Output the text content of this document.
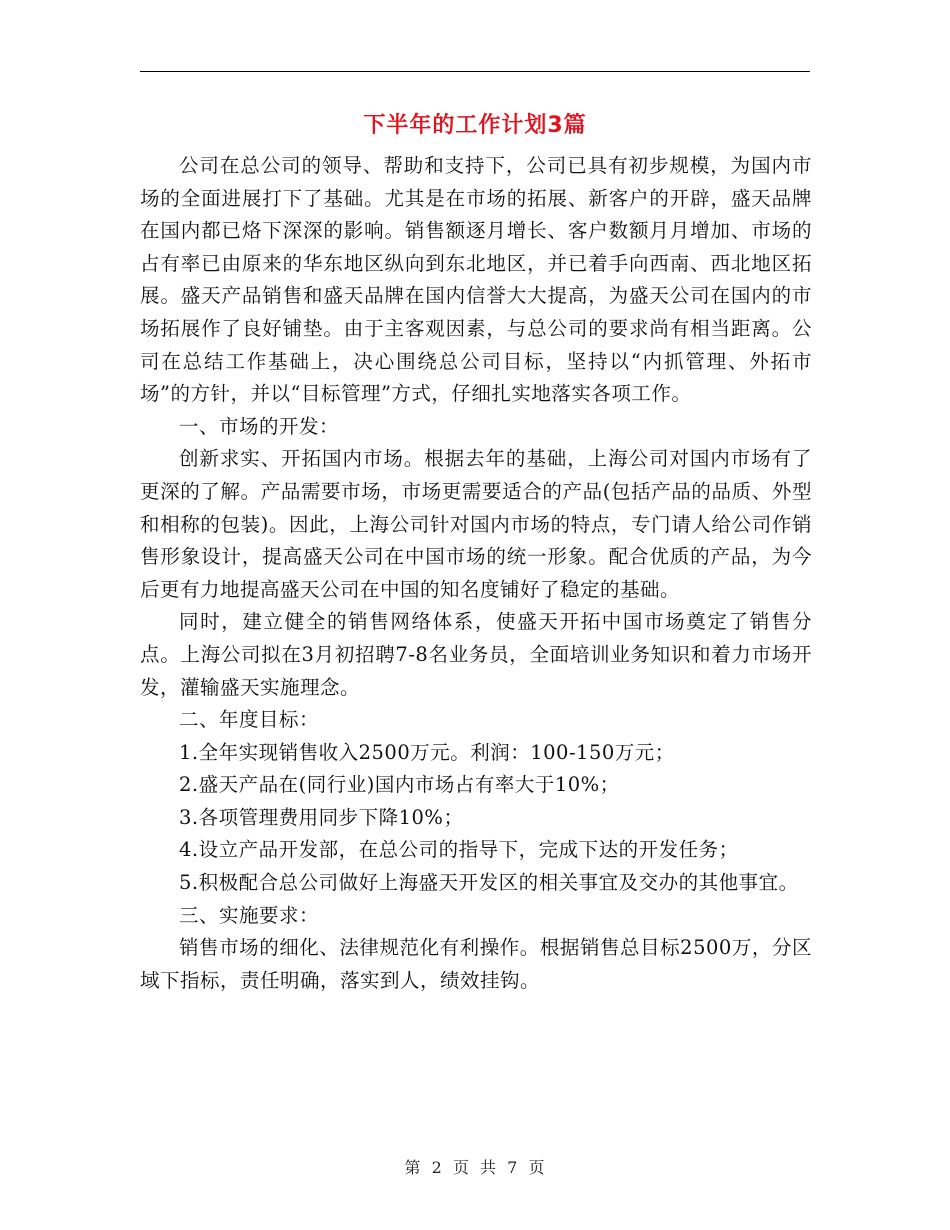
下半年的工作计划3篇

公司在总公司的领导、帮助和支持下，公司已具有初步规模，为国内市场的全面进展打下了基础。尤其是在市场的拓展、新客户的开辟，盛天品牌在国内都已烙下深深的影响。销售额逐月增长、客户数额月月增加、市场的占有率已由原来的华东地区纵向到东北地区，并已着手向西南、西北地区拓展。盛天产品销售和盛天品牌在国内信誉大大提高，为盛天公司在国内的市场拓展作了良好铺垫。由于主客观因素，与总公司的要求尚有相当距离。公司在总结工作基础上，决心围绕总公司目标，坚持以“内抓管理、外拓市场”的方针，并以“目标管理”方式，仔细扎实地落实各项工作。

一、市场的开发：

创新求实、开拓国内市场。根据去年的基础，上海公司对国内市场有了更深的了解。产品需要市场，市场更需要适合的产品(包括产品的品质、外型和相称的包装)。因此，上海公司针对国内市场的特点，专门请人给公司作销售形象设计，提高盛天公司在中国市场的统一形象。配合优质的产品，为今后更有力地提高盛天公司在中国的知名度铺好了稳定的基础。

同时，建立健全的销售网络体系，使盛天开拓中国市场奠定了销售分点。上海公司拟在3月初招聘7-8名业务员，全面培训业务知识和着力市场开发，灌输盛天实施理念。

二、年度目标：

1.全年实现销售收入2500万元。利润：100-150万元；

2.盛天产品在(同行业)国内市场占有率大于10%；

3.各项管理费用同步下降10%；

4.设立产品开发部，在总公司的指导下，完成下达的开发任务；

5.积极配合总公司做好上海盛天开发区的相关事宜及交办的其他事宜。

三、实施要求：

销售市场的细化、法律规范化有利操作。根据销售总目标2500万，分区域下指标，责任明确，落实到人，绩效挂钩。

第 2 页 共 7 页
